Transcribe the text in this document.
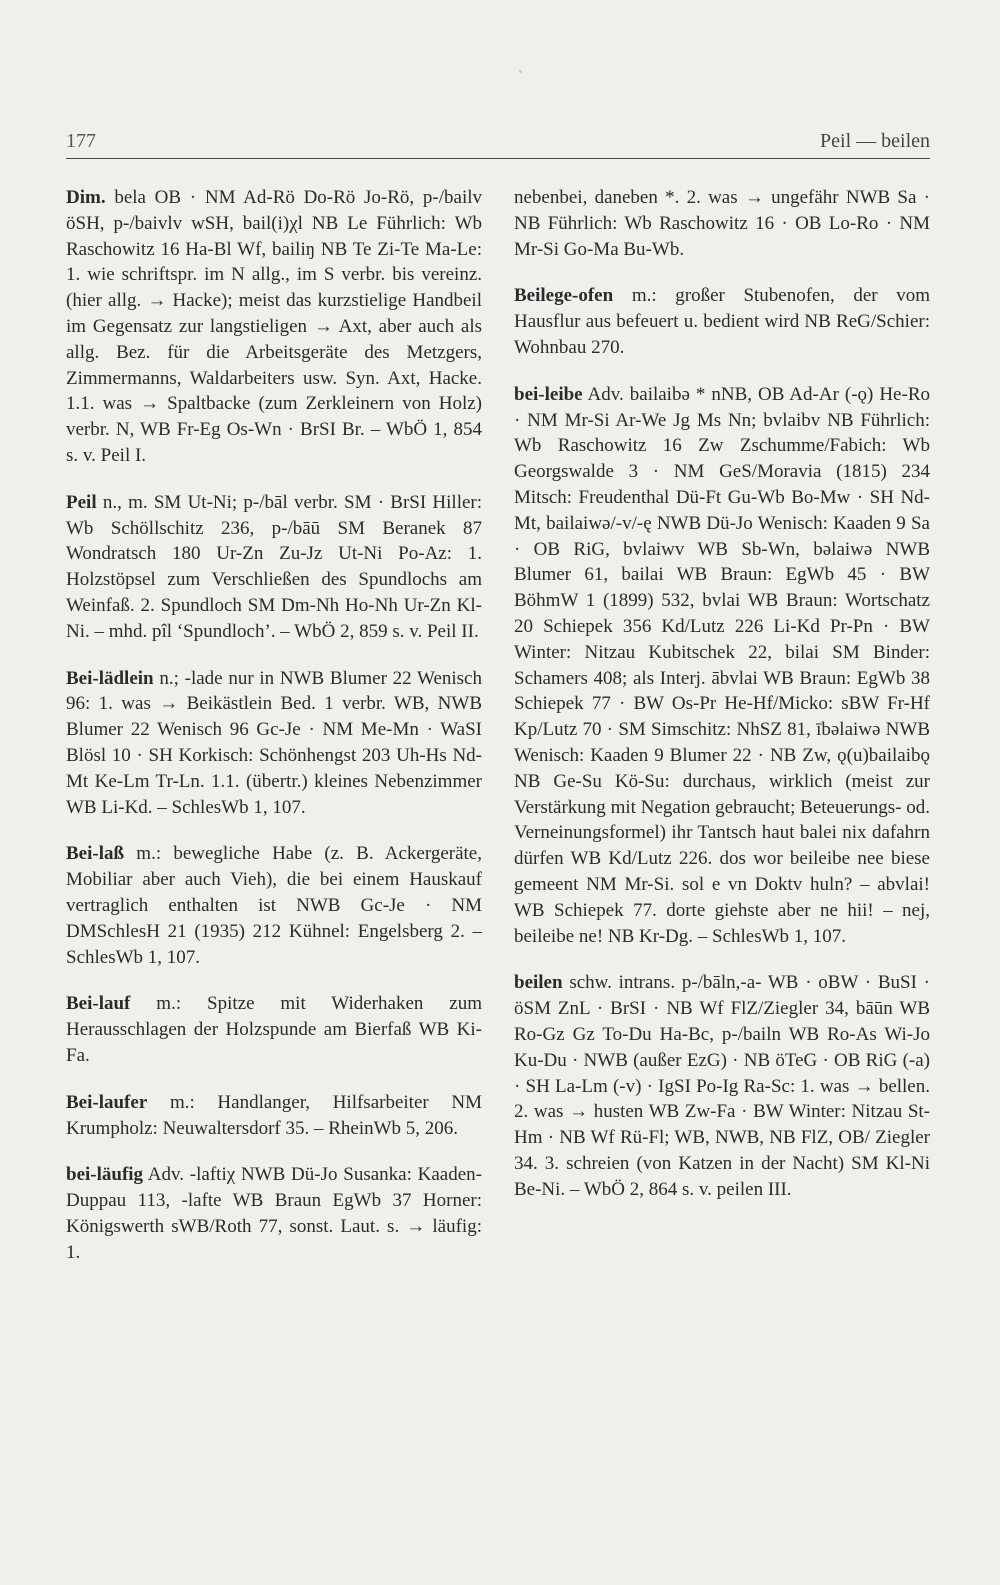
177	Peil — beilen

Dim. bela OB · NM Ad-Rö Do-Rö Jo-Rö, p-/bailv öSH, p-/baivlv wSH, bail(i)χl NB Le Führlich: Wb Raschowitz 16 Ha-Bl Wf, bailiŋ NB Te Zi-Te Ma-Le: 1. wie schriftspr. im N allg., im S verbr. bis vereinz. (hier allg. → Hacke); meist das kurzstielige Handbeil im Gegensatz zur langstieligen → Axt, aber auch als allg. Bez. für die Arbeitsgeräte des Metzgers, Zimmermanns, Waldarbeiters usw. Syn. Axt, Hacke. 1.1. was → Spaltbacke (zum Zerkleinern von Holz) verbr. N, WB Fr-Eg Os-Wn · BrSI Br. – WbÖ 1, 854 s. v. Peil I.

Peil n., m. SM Ut-Ni; p-/bāl verbr. SM · BrSI Hiller: Wb Schöllschitz 236, p-/bāū SM Beranek 87 Wondratsch 180 Ur-Zn Zu-Jz Ut-Ni Po-Az: 1. Holzstöpsel zum Verschließen des Spundlochs am Weinfaß. 2. Spundloch SM Dm-Nh Ho-Nh Ur-Zn Kl-Ni. – mhd. pîl ‘Spundloch’. – WbÖ 2, 859 s. v. Peil II.

Bei-lädlein n.; -lade nur in NWB Blumer 22 Wenisch 96: 1. was → Beikästlein Bed. 1 verbr. WB, NWB Blumer 22 Wenisch 96 Gc-Je · NM Me-Mn · WaSI Blösl 10 · SH Korkisch: Schönhengst 203 Uh-Hs Nd-Mt Ke-Lm Tr-Ln. 1.1. (übertr.) kleines Nebenzimmer WB Li-Kd. – SchlesWb 1, 107.

Bei-laß m.: bewegliche Habe (z. B. Ackergeräte, Mobiliar aber auch Vieh), die bei einem Hauskauf vertraglich enthalten ist NWB Gc-Je · NM DMSchlesH 21 (1935) 212 Kühnel: Engelsberg 2. – SchlesWb 1, 107.

Bei-lauf m.: Spitze mit Widerhaken zum Herausschlagen der Holzspunde am Bierfaß WB Ki-Fa.

Bei-laufer m.: Handlanger, Hilfsarbeiter NM Krumpholz: Neuwaltersdorf 35. – RheinWb 5, 206.

bei-läufig Adv. -laftiχ NWB Dü-Jo Susanka: Kaaden-Duppau 113, -lafte WB Braun EgWb 37 Horner: Königswerth sWB/Roth 77, sonst. Laut. s. → läufig: 1.

nebenbei, daneben *. 2. was → ungefähr NWB Sa · NB Führlich: Wb Raschowitz 16 · OB Lo-Ro · NM Mr-Si Go-Ma Bu-Wb.

Beilege-ofen m.: großer Stubenofen, der vom Hausflur aus befeuert u. bedient wird NB ReG/Schier: Wohnbau 270.

bei-leibe Adv. bailaibə * nNB, OB Ad-Ar (-ǫ) He-Ro · NM Mr-Si Ar-We Jg Ms Nn; bvlaibv NB Führlich: Wb Raschowitz 16 Zw Zschumme/Fabich: Wb Georgswalde 3 · NM GeS/Moravia (1815) 234 Mitsch: Freudenthal Dü-Ft Gu-Wb Bo-Mw · SH Nd-Mt, bailaiwə/-v/-ę NWB Dü-Jo Wenisch: Kaaden 9 Sa · OB RiG, bvlaiwv WB Sb-Wn, bəlaiwə NWB Blumer 61, bailai WB Braun: EgWb 45 · BW BöhmW 1 (1899) 532, bvlai WB Braun: Wortschatz 20 Schiepek 356 Kd/Lutz 226 Li-Kd Pr-Pn · BW Winter: Nitzau Kubitschek 22, bilai SM Binder: Schamers 408; als Interj. ābvlai WB Braun: EgWb 38 Schiepek 77 · BW Os-Pr He-Hf/Micko: sBW Fr-Hf Kp/Lutz 70 · SM Simschitz: NhSZ 81, ībəlaiwə NWB Wenisch: Kaaden 9 Blumer 22 · NB Zw, ǫ(u)bailaibǫ NB Ge-Su Kö-Su: durchaus, wirklich (meist zur Verstärkung mit Negation gebraucht; Beteuerungs- od. Verneinungsformel) ihr Tantsch haut balei nix dafahrn dürfen WB Kd/Lutz 226. dos wor beileibe nee biese gemeent NM Mr-Si. sol e vn Doktv huln? – abvlai! WB Schiepek 77. dorte giehste aber ne hii! – nej, beileibe ne! NB Kr-Dg. – SchlesWb 1, 107.

beilen schw. intrans. p-/bāln,-a- WB · oBW · BuSI · öSM ZnL · BrSI · NB Wf FlZ/Ziegler 34, bāūn WB Ro-Gz Gz To-Du Ha-Bc, p-/bailn WB Ro-As Wi-Jo Ku-Du · NWB (außer EzG) · NB öTeG · OB RiG (-a) · SH La-Lm (-v) · IgSI Po-Ig Ra-Sc: 1. was → bellen. 2. was → husten WB Zw-Fa · BW Winter: Nitzau St-Hm · NB Wf Rü-Fl; WB, NWB, NB FlZ, OB/ Ziegler 34. 3. schreien (von Katzen in der Nacht) SM Kl-Ni Be-Ni. – WbÖ 2, 864 s. v. peilen III.
